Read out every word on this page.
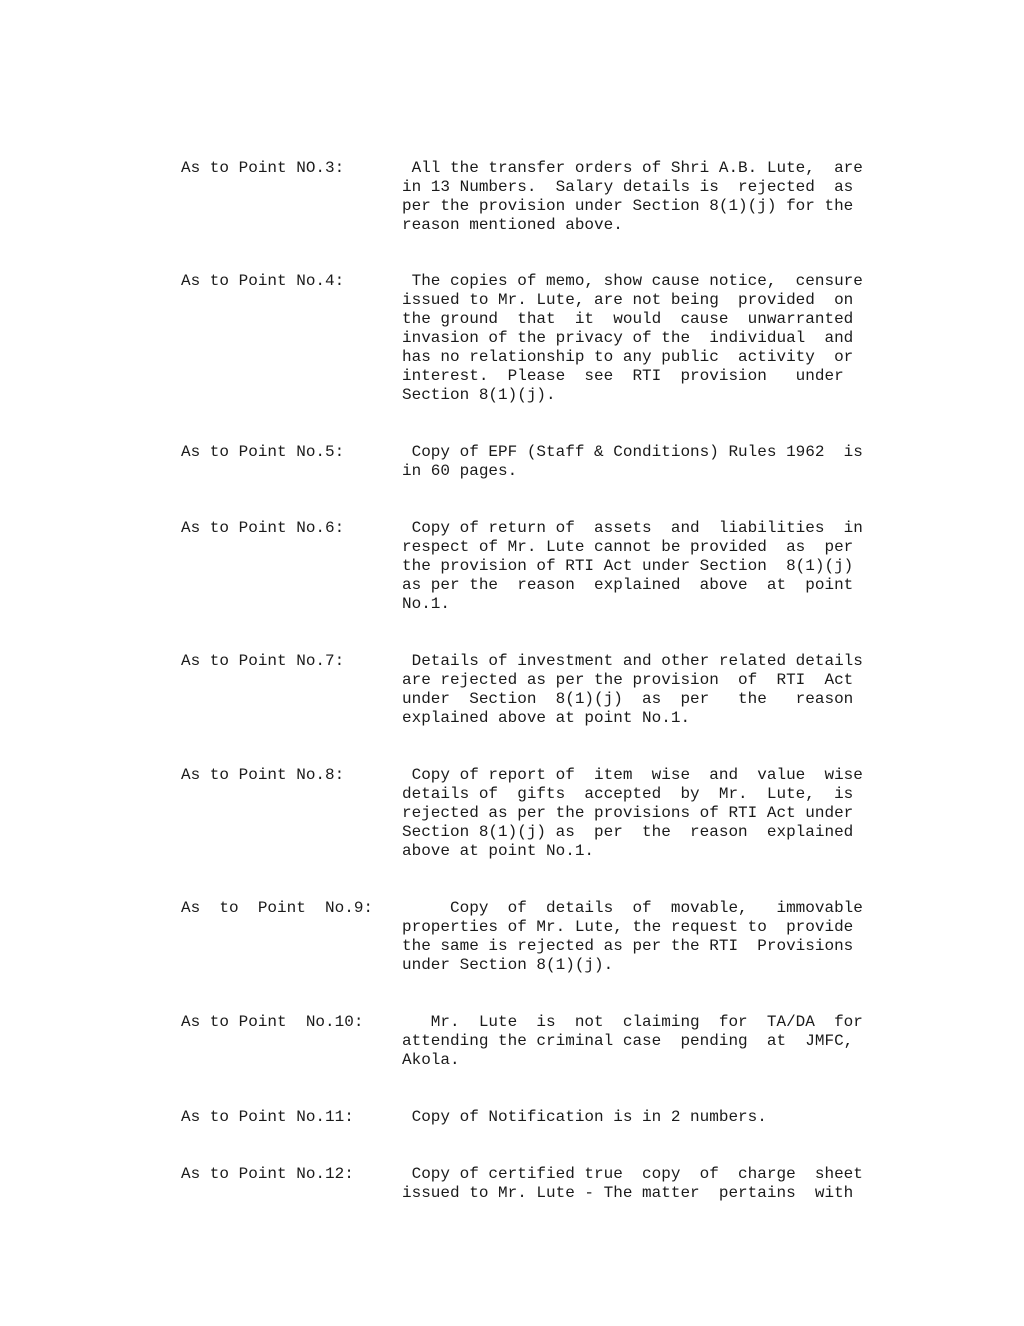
As to Point NO.3:	All the transfer orders of Shri A.B. Lute,  are
in 13 Numbers.  Salary details is  rejected  as
per the provision under Section 8(1)(j) for the
reason mentioned above.
As to Point No.4:	The copies of memo, show cause notice,  censure
issued to Mr. Lute, are not being  provided  on
the ground  that  it  would  cause  unwarranted
invasion of the privacy of the  individual  and
has no relationship to any public  activity  or
interest.  Please  see  RTI  provision   under
Section 8(1)(j).
As to Point No.5:	Copy of EPF (Staff & Conditions) Rules 1962  is
in 60 pages.
As to Point No.6:	Copy of return of  assets  and  liabilities  in
respect of Mr. Lute cannot be provided  as  per
the provision of RTI Act under Section  8(1)(j)
as per the  reason  explained  above  at  point
No.1.
As to Point No.7:	Details of investment and other related details
are rejected as per the provision  of  RTI  Act
under  Section  8(1)(j)  as  per   the   reason
explained above at point No.1.
As to Point No.8:	Copy of report of  item  wise  and  value  wise
details of  gifts  accepted  by  Mr.  Lute,  is
rejected as per the provisions of RTI Act under
Section 8(1)(j) as  per  the  reason  explained
above at point No.1.
As  to  Point  No.9: Copy  of  details  of  movable,   immovable
properties of Mr. Lute, the request to  provide
the same is rejected as per the RTI  Provisions
under Section 8(1)(j).
As to Point  No.10: Mr.  Lute  is  not  claiming  for  TA/DA  for
attending the criminal case  pending  at  JMFC,
Akola.
As to Point No.11:	Copy of Notification is in 2 numbers.
As to Point No.12:	Copy of certified true  copy  of  charge  sheet
issued to Mr. Lute - The matter  pertains  with
